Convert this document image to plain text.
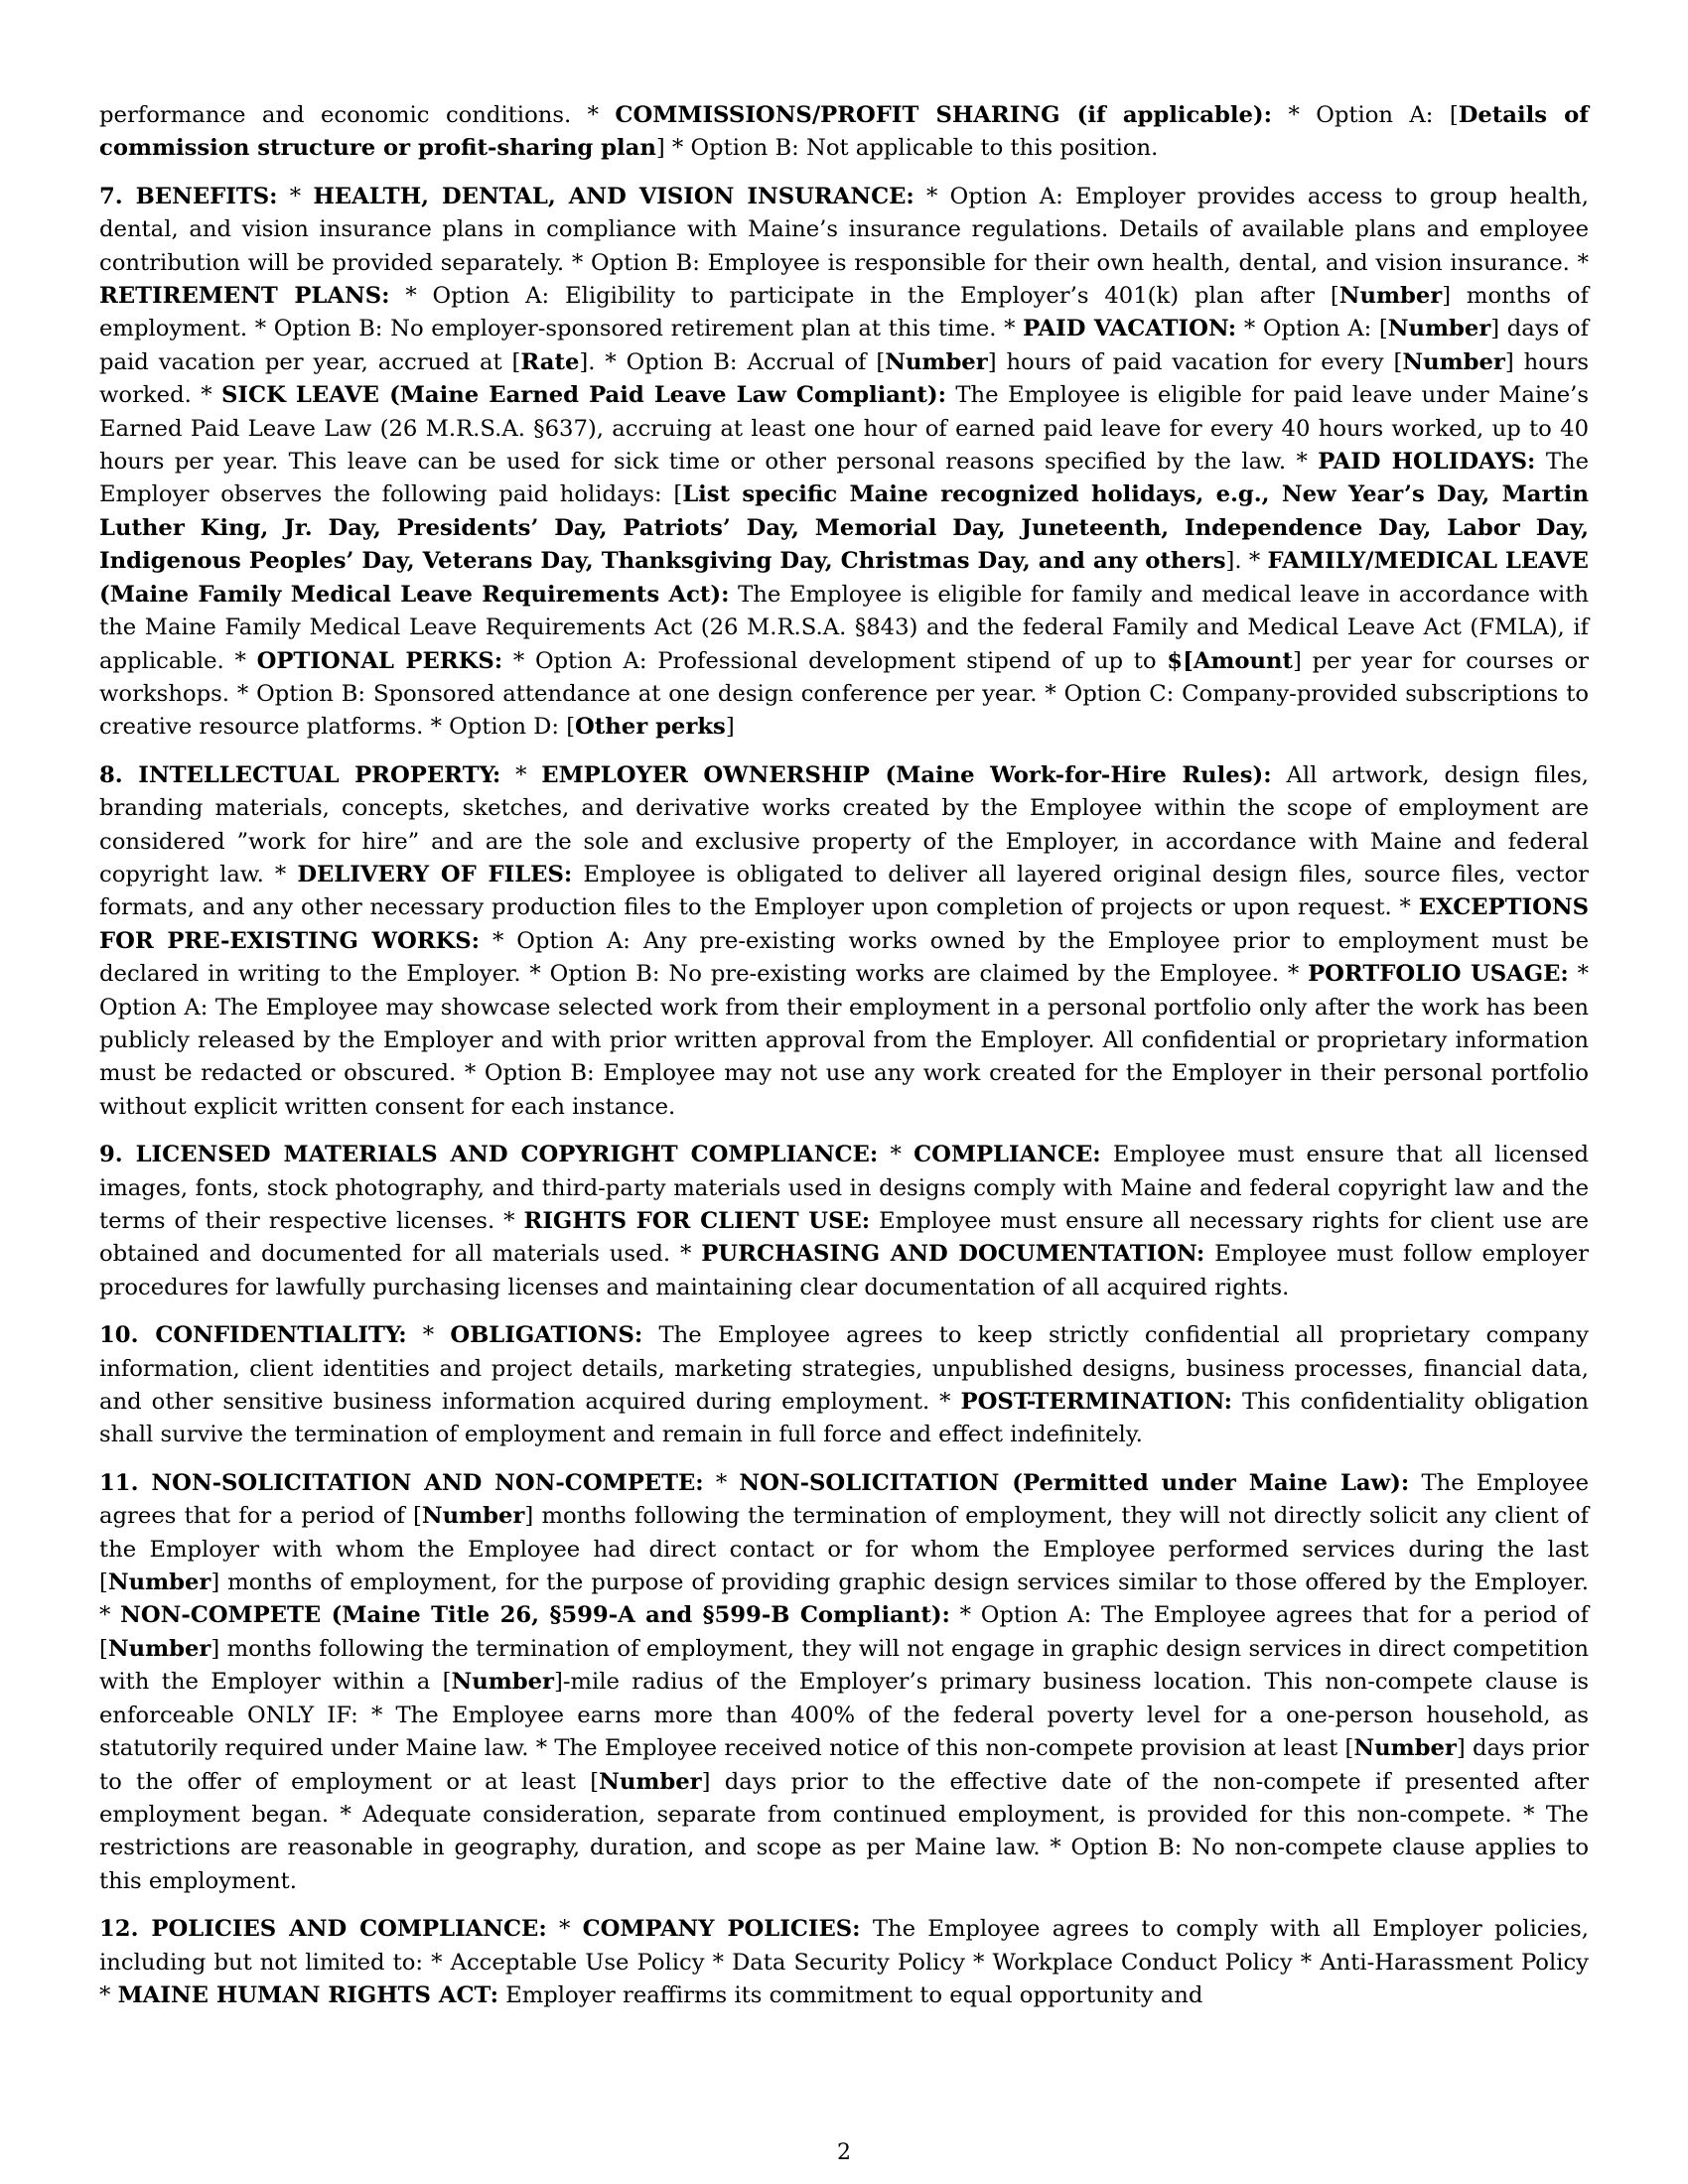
performance and economic conditions. * COMMISSIONS/PROFIT SHARING (if applicable): * Option A: [Details of commission structure or profit-sharing plan] * Option B: Not applicable to this position.

7. BENEFITS: * HEALTH, DENTAL, AND VISION INSURANCE: * Option A: Employer provides access to group health, dental, and vision insurance plans in compliance with Maine’s insurance regulations. Details of available plans and employee contribution will be provided separately. * Option B: Employee is responsible for their own health, dental, and vision insurance. * RETIREMENT PLANS: * Option A: Eligibility to participate in the Employer’s 401(k) plan after [Number] months of employment. * Option B: No employer-sponsored retirement plan at this time. * PAID VACATION: * Option A: [Number] days of paid vacation per year, accrued at [Rate]. * Option B: Accrual of [Number] hours of paid vacation for every [Number] hours worked. * SICK LEAVE (Maine Earned Paid Leave Law Compliant): The Employee is eligible for paid leave under Maine’s Earned Paid Leave Law (26 M.R.S.A. §637), accruing at least one hour of earned paid leave for every 40 hours worked, up to 40 hours per year. This leave can be used for sick time or other personal reasons specified by the law. * PAID HOLIDAYS: The Employer observes the following paid holidays: [List specific Maine recognized holidays, e.g., New Year’s Day, Martin Luther King, Jr. Day, Presidents’ Day, Patriots’ Day, Memorial Day, Juneteenth, Independence Day, Labor Day, Indigenous Peoples’ Day, Veterans Day, Thanksgiving Day, Christmas Day, and any others]. * FAMILY/MEDICAL LEAVE (Maine Family Medical Leave Requirements Act): The Employee is eligible for family and medical leave in accordance with the Maine Family Medical Leave Requirements Act (26 M.R.S.A. §843) and the federal Family and Medical Leave Act (FMLA), if applicable. * OPTIONAL PERKS: * Option A: Professional development stipend of up to $[Amount] per year for courses or workshops. * Option B: Sponsored attendance at one design conference per year. * Option C: Company-provided subscriptions to creative resource platforms. * Option D: [Other perks]

8. INTELLECTUAL PROPERTY: * EMPLOYER OWNERSHIP (Maine Work-for-Hire Rules): All artwork, design files, branding materials, concepts, sketches, and derivative works created by the Employee within the scope of employment are considered ”work for hire” and are the sole and exclusive property of the Employer, in accordance with Maine and federal copyright law. * DELIVERY OF FILES: Employee is obligated to deliver all layered original design files, source files, vector formats, and any other necessary production files to the Employer upon completion of projects or upon request. * EXCEPTIONS FOR PRE-EXISTING WORKS: * Option A: Any pre-existing works owned by the Employee prior to employment must be declared in writing to the Employer. * Option B: No pre-existing works are claimed by the Employee. * PORTFOLIO USAGE: * Option A: The Employee may showcase selected work from their employment in a personal portfolio only after the work has been publicly released by the Employer and with prior written approval from the Employer. All confidential or proprietary information must be redacted or obscured. * Option B: Employee may not use any work created for the Employer in their personal portfolio without explicit written consent for each instance.

9. LICENSED MATERIALS AND COPYRIGHT COMPLIANCE: * COMPLIANCE: Employee must ensure that all licensed images, fonts, stock photography, and third-party materials used in designs comply with Maine and federal copyright law and the terms of their respective licenses. * RIGHTS FOR CLIENT USE: Employee must ensure all necessary rights for client use are obtained and documented for all materials used. * PURCHASING AND DOCUMENTATION: Employee must follow employer procedures for lawfully purchasing licenses and maintaining clear documentation of all acquired rights.

10. CONFIDENTIALITY: * OBLIGATIONS: The Employee agrees to keep strictly confidential all proprietary company information, client identities and project details, marketing strategies, unpublished designs, business processes, financial data, and other sensitive business information acquired during employment. * POST-TERMINATION: This confidentiality obligation shall survive the termination of employment and remain in full force and effect indefinitely.

11. NON-SOLICITATION AND NON-COMPETE: * NON-SOLICITATION (Permitted under Maine Law): The Employee agrees that for a period of [Number] months following the termination of employment, they will not directly solicit any client of the Employer with whom the Employee had direct contact or for whom the Employee performed services during the last [Number] months of employment, for the purpose of providing graphic design services similar to those offered by the Employer. * NON-COMPETE (Maine Title 26, §599-A and §599-B Compliant): * Option A: The Employee agrees that for a period of [Number] months following the termination of employment, they will not engage in graphic design services in direct competition with the Employer within a [Number]-mile radius of the Employer’s primary business location. This non-compete clause is enforceable ONLY IF: * The Employee earns more than 400% of the federal poverty level for a one-person household, as statutorily required under Maine law. * The Employee received notice of this non-compete provision at least [Number] days prior to the offer of employment or at least [Number] days prior to the effective date of the non-compete if presented after employment began. * Adequate consideration, separate from continued employment, is provided for this non-compete. * The restrictions are reasonable in geography, duration, and scope as per Maine law. * Option B: No non-compete clause applies to this employment.

12. POLICIES AND COMPLIANCE: * COMPANY POLICIES: The Employee agrees to comply with all Employer policies, including but not limited to: * Acceptable Use Policy * Data Security Policy * Workplace Conduct Policy * Anti-Harassment Policy * MAINE HUMAN RIGHTS ACT: Employer reaffirms its commitment to equal opportunity and

2
